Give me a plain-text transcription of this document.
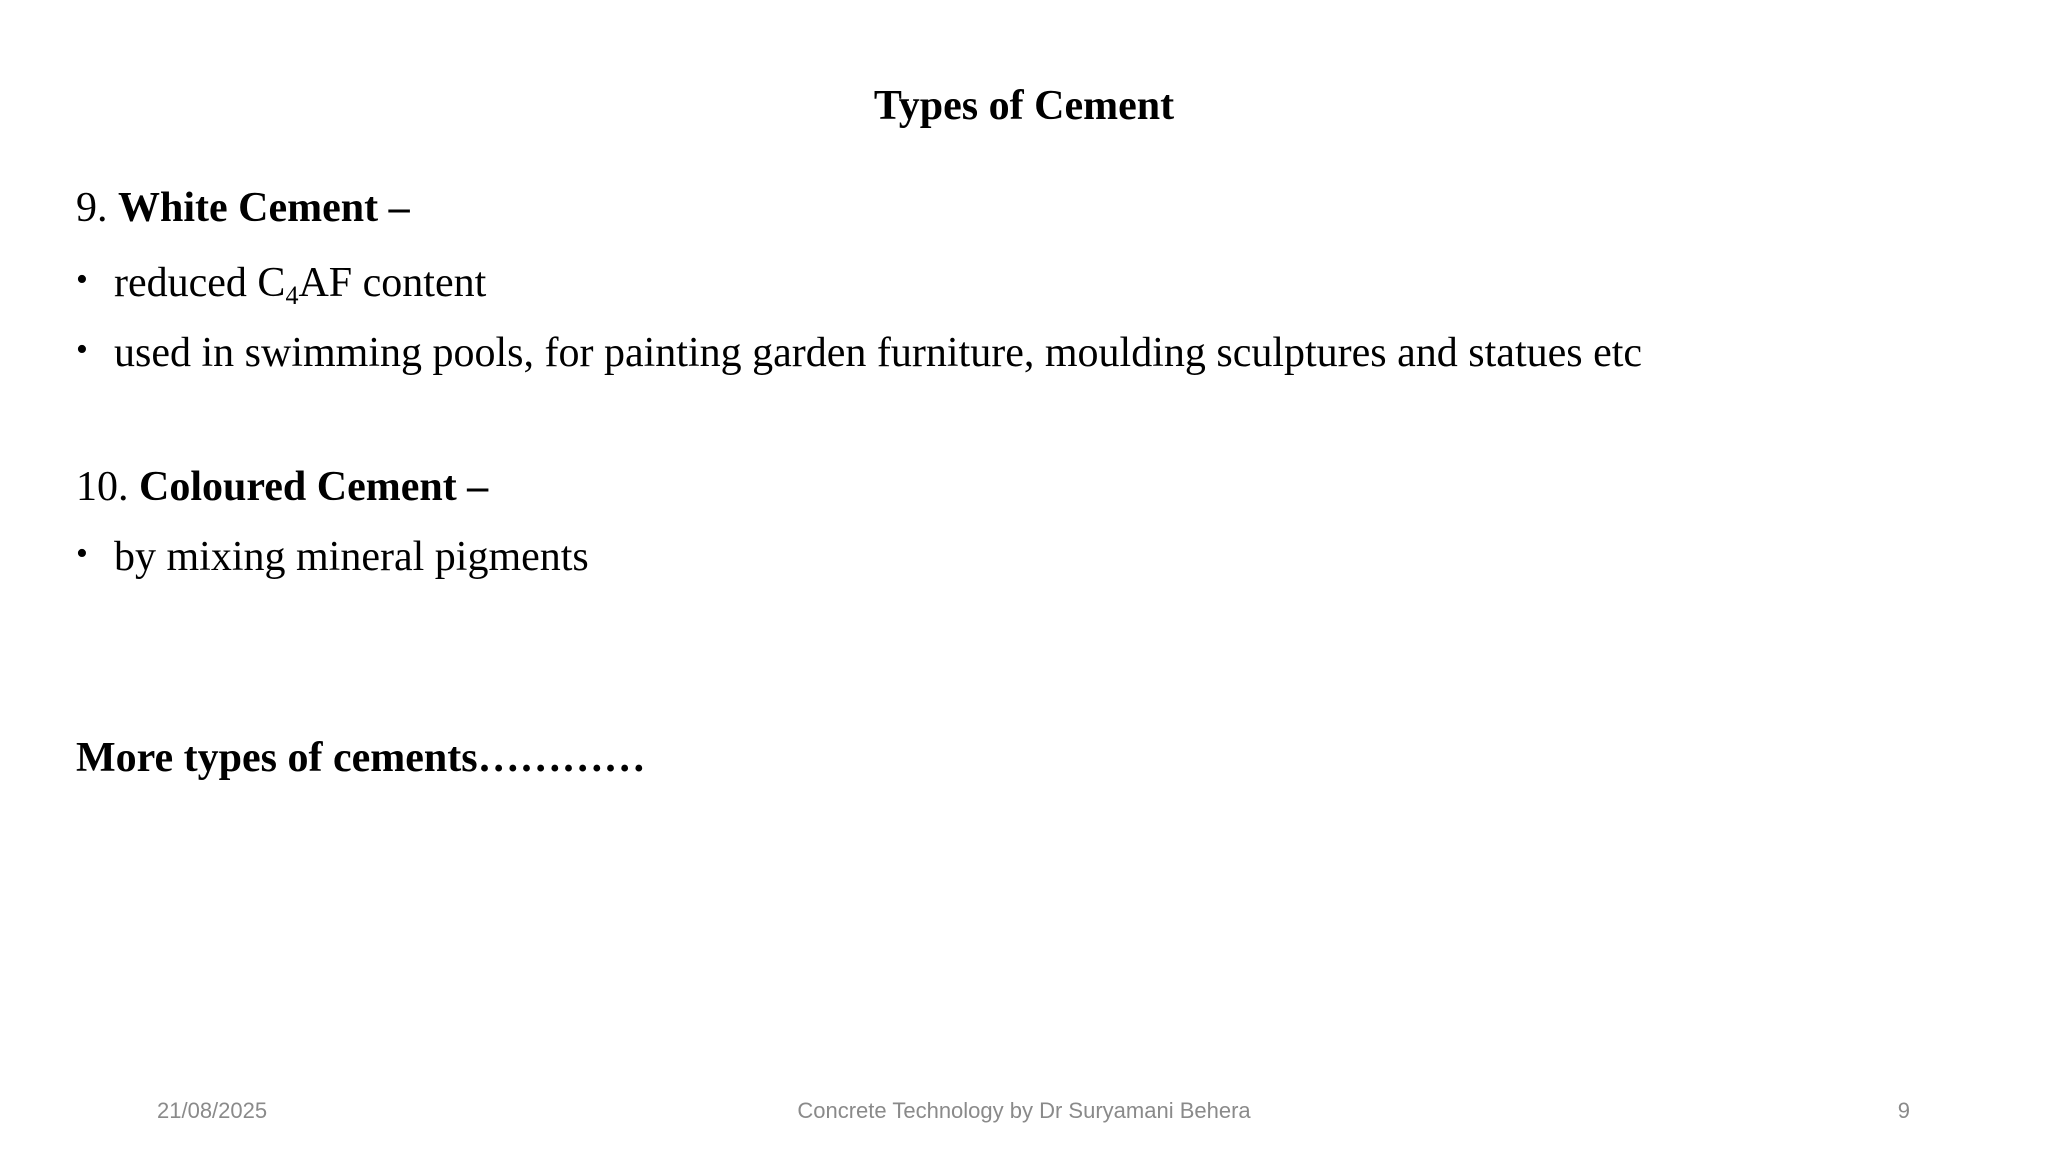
Types of Cement
9. White Cement –
• reduced $C_4AF$ content
• used in swimming pools, for painting garden furniture, moulding sculptures and statues etc
10. Coloured Cement –
• by mixing mineral pigments
More types of cements…………
21/08/2025	Concrete Technology by Dr Suryamani Behera	9
